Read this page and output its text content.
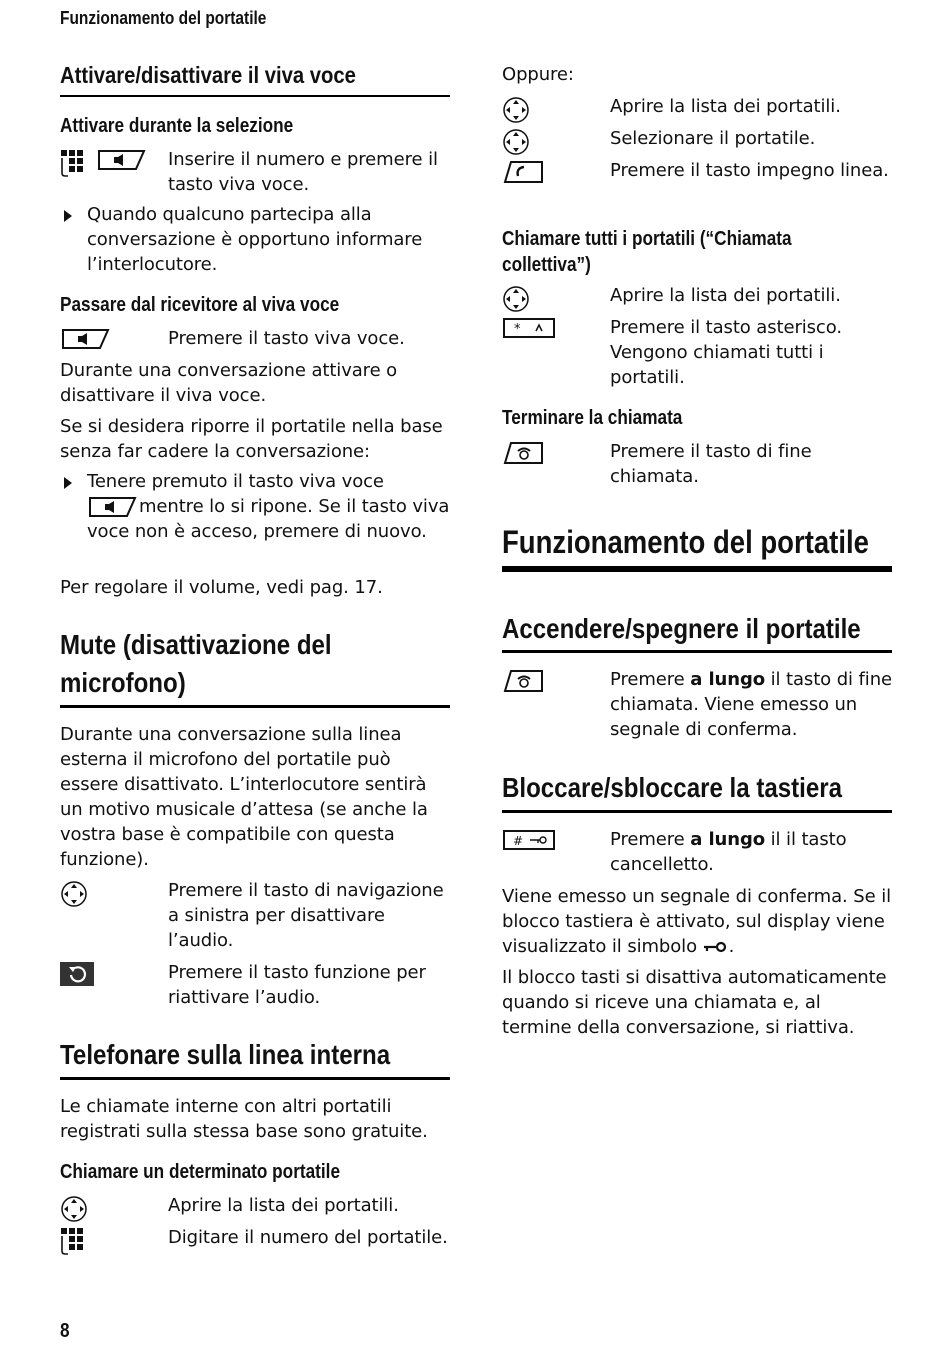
Funzionamento del portatile
Attivare/disattivare il viva voce
Attivare durante la selezione
Inserire il numero e premere il tasto viva voce.
Quando qualcuno partecipa alla conversazione è opportuno informare l’interlocutore.
Passare dal ricevitore al viva voce
Premere il tasto viva voce.
Durante una conversazione attivare o disattivare il viva voce.
Se si desidera riporre il portatile nella base senza far cadere la conversazione:
Tenere premuto il tasto viva voce
mentre lo si ripone. Se il tasto viva voce non è acceso, premere di nuovo.
Per regolare il volume, vedi pag. 17.
Mute (disattivazione del
microfono)
Durante una conversazione sulla linea esterna il microfono del portatile può essere disattivato. L’interlocutore sentirà un motivo musicale d’attesa (se anche la vostra base è compatibile con questa funzione).
Premere il tasto di navigazione a sinistra per disattivare l’audio.
Premere il tasto funzione per riattivare l’audio.
Telefonare sulla linea interna
Le chiamate interne con altri portatili registrati sulla stessa base sono gratuite.
Chiamare un determinato portatile
Aprire la lista dei portatili.
Digitare il numero del portatile.
Oppure:
Aprire la lista dei portatili.
Selezionare il portatile.
Premere il tasto impegno linea.
Chiamare tutti i portatili (“Chiamata
collettiva”)
Aprire la lista dei portatili.
*	Premere il tasto asterisco. Vengono chiamati tutti i portatili.
Terminare la chiamata
Premere il tasto di fine chiamata.
Funzionamento del portatile
Accendere/spegnere il portatile
Premere a lungo il tasto di fine chiamata. Viene emesso un segnale di conferma.
Bloccare/sbloccare la tastiera
#	Premere a lungo il il tasto cancelletto.
Viene emesso un segnale di conferma. Se il blocco tastiera è attivato, sul display viene visualizzato il simbolo .
Il blocco tasti si disattiva automaticamente quando si riceve una chiamata e, al termine della conversazione, si riattiva.
8
